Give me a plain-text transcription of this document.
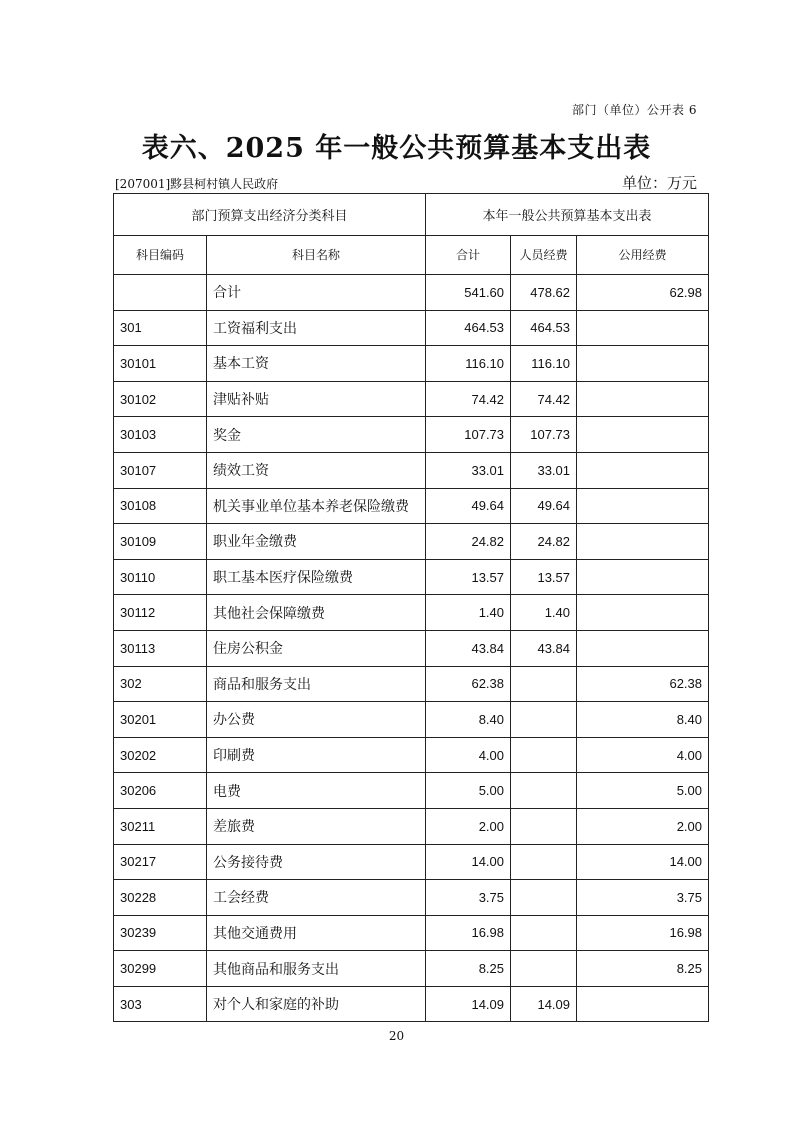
部门（单位）公开表 6
表六、2025 年一般公共预算基本支出表
[207001]黟县柯村镇人民政府	单位：万元
部门预算支出经济分类科目		本年一般公共预算基本支出表		
科目编码	科目名称	合计	人员经费	公用经费
	合计	541.60	478.62	62.98
301	工资福利支出	464.53	464.53	
30101	基本工资	116.10	116.10	
30102	津贴补贴	74.42	74.42	
30103	奖金	107.73	107.73	
30107	绩效工资	33.01	33.01	
30108	机关事业单位基本养老保险缴费	49.64	49.64	
30109	职业年金缴费	24.82	24.82	
30110	职工基本医疗保险缴费	13.57	13.57	
30112	其他社会保障缴费	1.40	1.40	
30113	住房公积金	43.84	43.84	
302	商品和服务支出	62.38		62.38
30201	办公费	8.40		8.40
30202	印刷费	4.00		4.00
30206	电费	5.00		5.00
30211	差旅费	2.00		2.00
30217	公务接待费	14.00		14.00
30228	工会经费	3.75		3.75
30239	其他交通费用	16.98		16.98
30299	其他商品和服务支出	8.25		8.25
303	对个人和家庭的补助	14.09	14.09	
20
